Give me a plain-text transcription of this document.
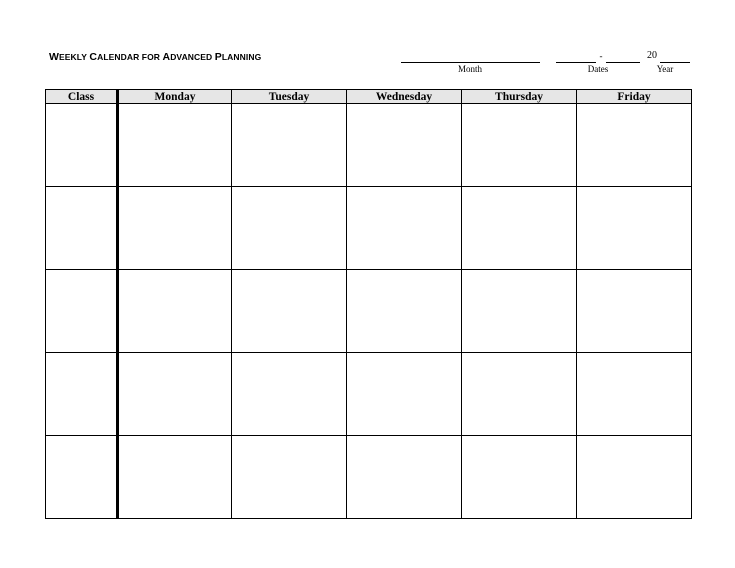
WEEKLY CALENDAR FOR ADVANCED PLANNING
Month
-
Dates
20
Year
Class	Monday	Tuesday	Wednesday	Thursday	Friday
